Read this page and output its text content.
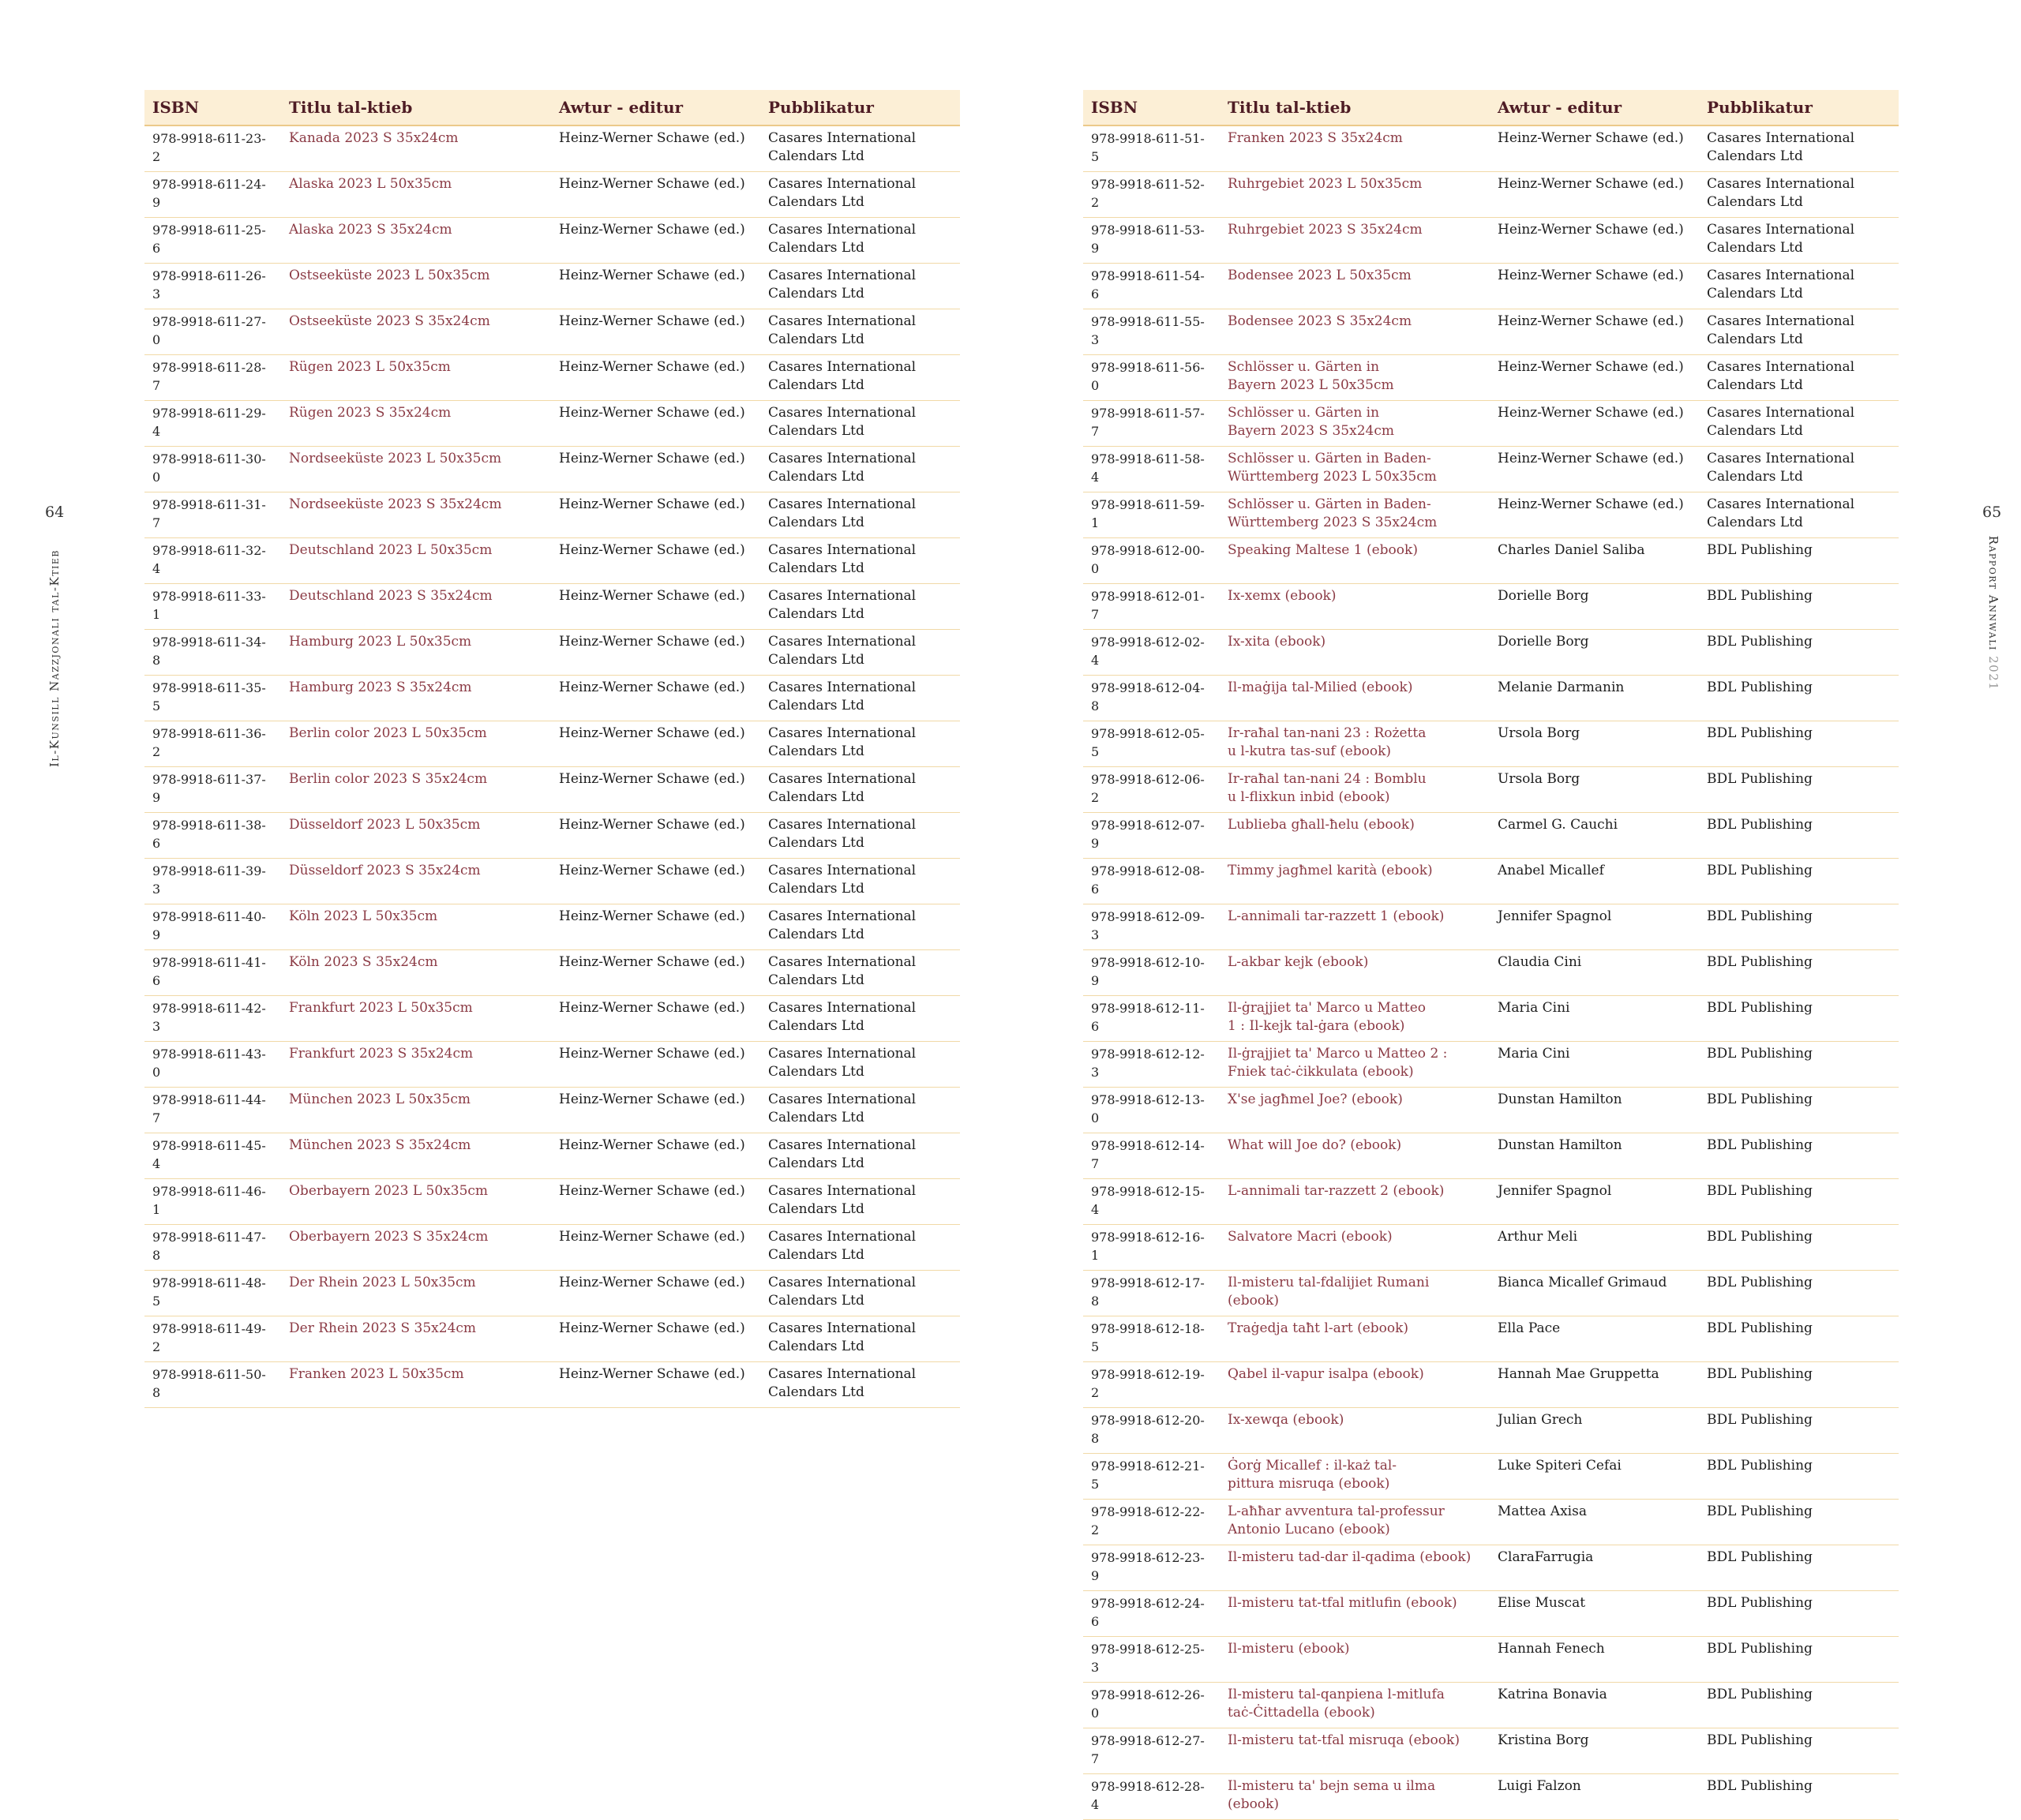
64
Il-Kunsill Nazzjonali tal-Ktieb
ISBN	Titlu tal-ktieb	Awtur - editur	Pubblikatur
978-9918-611-23-2	Kanada 2023 S 35x24cm	Heinz-Werner Schawe (ed.)	Casares International
Calendars Ltd
978-9918-611-24-9	Alaska 2023 L 50x35cm	Heinz-Werner Schawe (ed.)	Casares International
Calendars Ltd
978-9918-611-25-6	Alaska 2023 S 35x24cm	Heinz-Werner Schawe (ed.)	Casares International
Calendars Ltd
978-9918-611-26-3	Ostseeküste 2023 L 50x35cm	Heinz-Werner Schawe (ed.)	Casares International
Calendars Ltd
978-9918-611-27-0	Ostseeküste 2023 S 35x24cm	Heinz-Werner Schawe (ed.)	Casares International
Calendars Ltd
978-9918-611-28-7	Rügen 2023 L 50x35cm	Heinz-Werner Schawe (ed.)	Casares International
Calendars Ltd
978-9918-611-29-4	Rügen 2023 S 35x24cm	Heinz-Werner Schawe (ed.)	Casares International
Calendars Ltd
978-9918-611-30-0	Nordseeküste 2023 L 50x35cm	Heinz-Werner Schawe (ed.)	Casares International
Calendars Ltd
978-9918-611-31-7	Nordseeküste 2023 S 35x24cm	Heinz-Werner Schawe (ed.)	Casares International
Calendars Ltd
978-9918-611-32-4	Deutschland 2023 L 50x35cm	Heinz-Werner Schawe (ed.)	Casares International
Calendars Ltd
978-9918-611-33-1	Deutschland 2023 S 35x24cm	Heinz-Werner Schawe (ed.)	Casares International
Calendars Ltd
978-9918-611-34-8	Hamburg 2023 L 50x35cm	Heinz-Werner Schawe (ed.)	Casares International
Calendars Ltd
978-9918-611-35-5	Hamburg 2023 S 35x24cm	Heinz-Werner Schawe (ed.)	Casares International
Calendars Ltd
978-9918-611-36-2	Berlin color 2023 L 50x35cm	Heinz-Werner Schawe (ed.)	Casares International
Calendars Ltd
978-9918-611-37-9	Berlin color 2023 S 35x24cm	Heinz-Werner Schawe (ed.)	Casares International
Calendars Ltd
978-9918-611-38-6	Düsseldorf 2023 L 50x35cm	Heinz-Werner Schawe (ed.)	Casares International
Calendars Ltd
978-9918-611-39-3	Düsseldorf 2023 S 35x24cm	Heinz-Werner Schawe (ed.)	Casares International
Calendars Ltd
978-9918-611-40-9	Köln 2023 L 50x35cm	Heinz-Werner Schawe (ed.)	Casares International
Calendars Ltd
978-9918-611-41-6	Köln 2023 S 35x24cm	Heinz-Werner Schawe (ed.)	Casares International
Calendars Ltd
978-9918-611-42-3	Frankfurt 2023 L 50x35cm	Heinz-Werner Schawe (ed.)	Casares International
Calendars Ltd
978-9918-611-43-0	Frankfurt 2023 S 35x24cm	Heinz-Werner Schawe (ed.)	Casares International
Calendars Ltd
978-9918-611-44-7	München 2023 L 50x35cm	Heinz-Werner Schawe (ed.)	Casares International
Calendars Ltd
978-9918-611-45-4	München 2023 S 35x24cm	Heinz-Werner Schawe (ed.)	Casares International
Calendars Ltd
978-9918-611-46-1	Oberbayern 2023 L 50x35cm	Heinz-Werner Schawe (ed.)	Casares International
Calendars Ltd
978-9918-611-47-8	Oberbayern 2023 S 35x24cm	Heinz-Werner Schawe (ed.)	Casares International
Calendars Ltd
978-9918-611-48-5	Der Rhein 2023 L 50x35cm	Heinz-Werner Schawe (ed.)	Casares International
Calendars Ltd
978-9918-611-49-2	Der Rhein 2023 S 35x24cm	Heinz-Werner Schawe (ed.)	Casares International
Calendars Ltd
978-9918-611-50-8	Franken 2023 L 50x35cm	Heinz-Werner Schawe (ed.)	Casares International
Calendars Ltd
65
Rapport Annwali 2021
ISBN	Titlu tal-ktieb	Awtur - editur	Pubblikatur
978-9918-611-51-5	Franken 2023 S 35x24cm	Heinz-Werner Schawe (ed.)	Casares International
Calendars Ltd
978-9918-611-52-2	Ruhrgebiet 2023 L 50x35cm	Heinz-Werner Schawe (ed.)	Casares International
Calendars Ltd
978-9918-611-53-9	Ruhrgebiet 2023 S 35x24cm	Heinz-Werner Schawe (ed.)	Casares International
Calendars Ltd
978-9918-611-54-6	Bodensee 2023 L 50x35cm	Heinz-Werner Schawe (ed.)	Casares International
Calendars Ltd
978-9918-611-55-3	Bodensee 2023 S 35x24cm	Heinz-Werner Schawe (ed.)	Casares International
Calendars Ltd
978-9918-611-56-0	Schlösser u. Gärten in
Bayern 2023 L 50x35cm	Heinz-Werner Schawe (ed.)	Casares International
Calendars Ltd
978-9918-611-57-7	Schlösser u. Gärten in
Bayern 2023 S 35x24cm	Heinz-Werner Schawe (ed.)	Casares International
Calendars Ltd
978-9918-611-58-4	Schlösser u. Gärten in Baden-
Württemberg 2023 L 50x35cm	Heinz-Werner Schawe (ed.)	Casares International
Calendars Ltd
978-9918-611-59-1	Schlösser u. Gärten in Baden-
Württemberg 2023 S 35x24cm	Heinz-Werner Schawe (ed.)	Casares International
Calendars Ltd
978-9918-612-00-0	Speaking Maltese 1 (ebook)	Charles Daniel Saliba	BDL Publishing
978-9918-612-01-7	Ix-xemx (ebook)	Dorielle Borg	BDL Publishing
978-9918-612-02-4	Ix-xita (ebook)	Dorielle Borg	BDL Publishing
978-9918-612-04-8	Il-maġija tal-Milied (ebook)	Melanie Darmanin	BDL Publishing
978-9918-612-05-5	Ir-raħal tan-nani 23 : Rożetta
u l-kutra tas-suf (ebook)	Ursola Borg	BDL Publishing
978-9918-612-06-2	Ir-raħal tan-nani 24 : Bomblu
u l-flixkun inbid (ebook)	Ursola Borg	BDL Publishing
978-9918-612-07-9	Lublieba għall-ħelu (ebook)	Carmel G. Cauchi	BDL Publishing
978-9918-612-08-6	Timmy jagħmel karità (ebook)	Anabel Micallef	BDL Publishing
978-9918-612-09-3	L-annimali tar-razzett 1 (ebook)	Jennifer Spagnol	BDL Publishing
978-9918-612-10-9	L-akbar kejk (ebook)	Claudia Cini	BDL Publishing
978-9918-612-11-6	Il-ġrajjiet ta' Marco u Matteo
1 : Il-kejk tal-ġara (ebook)	Maria Cini	BDL Publishing
978-9918-612-12-3	Il-ġrajjiet ta' Marco u Matteo 2 :
Fniek taċ-ċikkulata (ebook)	Maria Cini	BDL Publishing
978-9918-612-13-0	X'se jagħmel Joe? (ebook)	Dunstan Hamilton	BDL Publishing
978-9918-612-14-7	What will Joe do? (ebook)	Dunstan Hamilton	BDL Publishing
978-9918-612-15-4	L-annimali tar-razzett 2 (ebook)	Jennifer Spagnol	BDL Publishing
978-9918-612-16-1	Salvatore Macri (ebook)	Arthur Meli	BDL Publishing
978-9918-612-17-8	Il-misteru tal-fdalijiet Rumani (ebook)	Bianca Micallef Grimaud	BDL Publishing
978-9918-612-18-5	Traġedja taħt l-art (ebook)	Ella Pace	BDL Publishing
978-9918-612-19-2	Qabel il-vapur isalpa (ebook)	Hannah Mae Gruppetta	BDL Publishing
978-9918-612-20-8	Ix-xewqa (ebook)	Julian Grech	BDL Publishing
978-9918-612-21-5	Ġorġ Micallef : il-każ tal-
pittura misruqa (ebook)	Luke Spiteri Cefai	BDL Publishing
978-9918-612-22-2	L-aħħar avventura tal-professur
Antonio Lucano (ebook)	Mattea Axisa	BDL Publishing
978-9918-612-23-9	Il-misteru tad-dar il-qadima (ebook)	ClaraFarrugia	BDL Publishing
978-9918-612-24-6	Il-misteru tat-tfal mitlufin (ebook)	Elise Muscat	BDL Publishing
978-9918-612-25-3	Il-misteru (ebook)	Hannah Fenech	BDL Publishing
978-9918-612-26-0	Il-misteru tal-qanpiena l-mitlufa
taċ-Ċittadella (ebook)	Katrina Bonavia	BDL Publishing
978-9918-612-27-7	Il-misteru tat-tfal misruqa (ebook)	Kristina Borg	BDL Publishing
978-9918-612-28-4	Il-misteru ta' bejn sema u ilma (ebook)	Luigi Falzon	BDL Publishing
